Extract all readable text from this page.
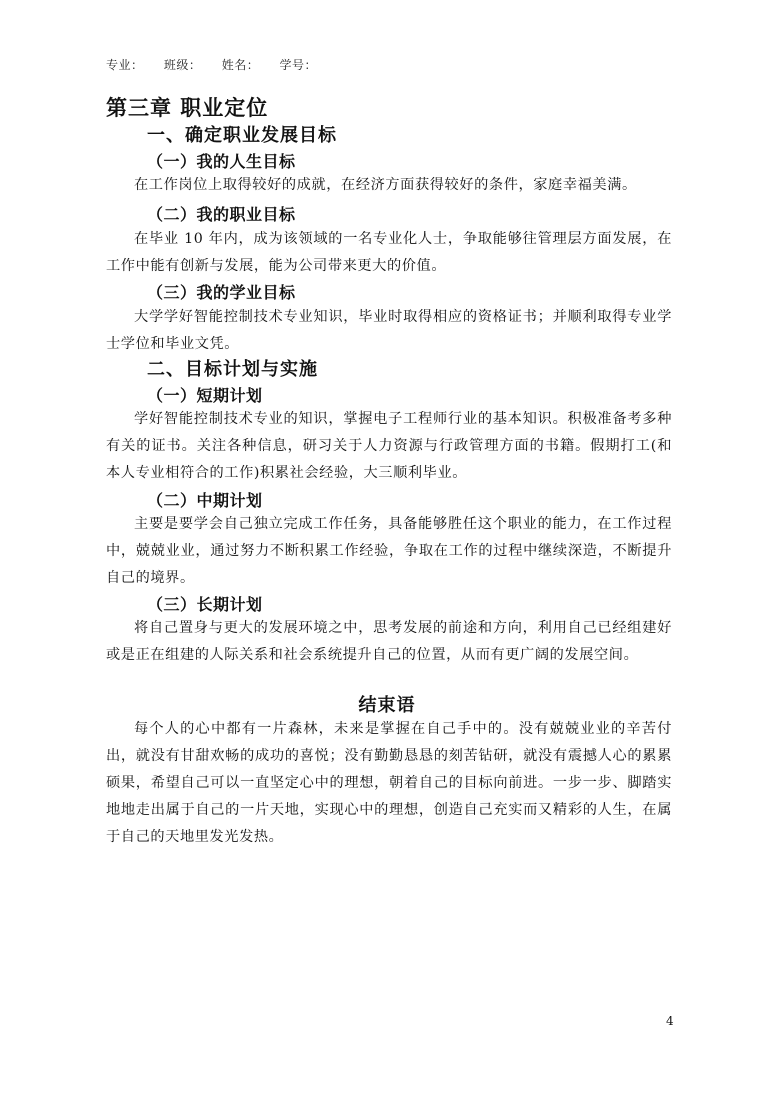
专业： 班级： 姓名： 学号：
第三章 职业定位
一、确定职业发展目标
（一）我的人生目标
在工作岗位上取得较好的成就，在经济方面获得较好的条件，家庭幸福美满。
（二）我的职业目标
在毕业 10 年内，成为该领域的一名专业化人士，争取能够往管理层方面发展，在工作中能有创新与发展，能为公司带来更大的价值。
（三）我的学业目标
大学学好智能控制技术专业知识，毕业时取得相应的资格证书；并顺利取得专业学士学位和毕业文凭。
二、目标计划与实施
（一）短期计划
学好智能控制技术专业的知识，掌握电子工程师行业的基本知识。积极准备考多种有关的证书。关注各种信息，研习关于人力资源与行政管理方面的书籍。假期打工(和本人专业相符合的工作)积累社会经验，大三顺利毕业。
（二）中期计划
主要是要学会自己独立完成工作任务，具备能够胜任这个职业的能力，在工作过程中，兢兢业业，通过努力不断积累工作经验，争取在工作的过程中继续深造，不断提升自己的境界。
（三）长期计划
将自己置身与更大的发展环境之中，思考发展的前途和方向，利用自己已经组建好或是正在组建的人际关系和社会系统提升自己的位置，从而有更广阔的发展空间。
结束语
每个人的心中都有一片森林，未来是掌握在自己手中的。没有兢兢业业的辛苦付出，就没有甘甜欢畅的成功的喜悦；没有勤勤恳恳的刻苦钻研，就没有震撼人心的累累硕果，希望自己可以一直坚定心中的理想，朝着自己的目标向前进。一步一步、脚踏实地地走出属于自己的一片天地，实现心中的理想，创造自己充实而又精彩的人生，在属于自己的天地里发光发热。
4
